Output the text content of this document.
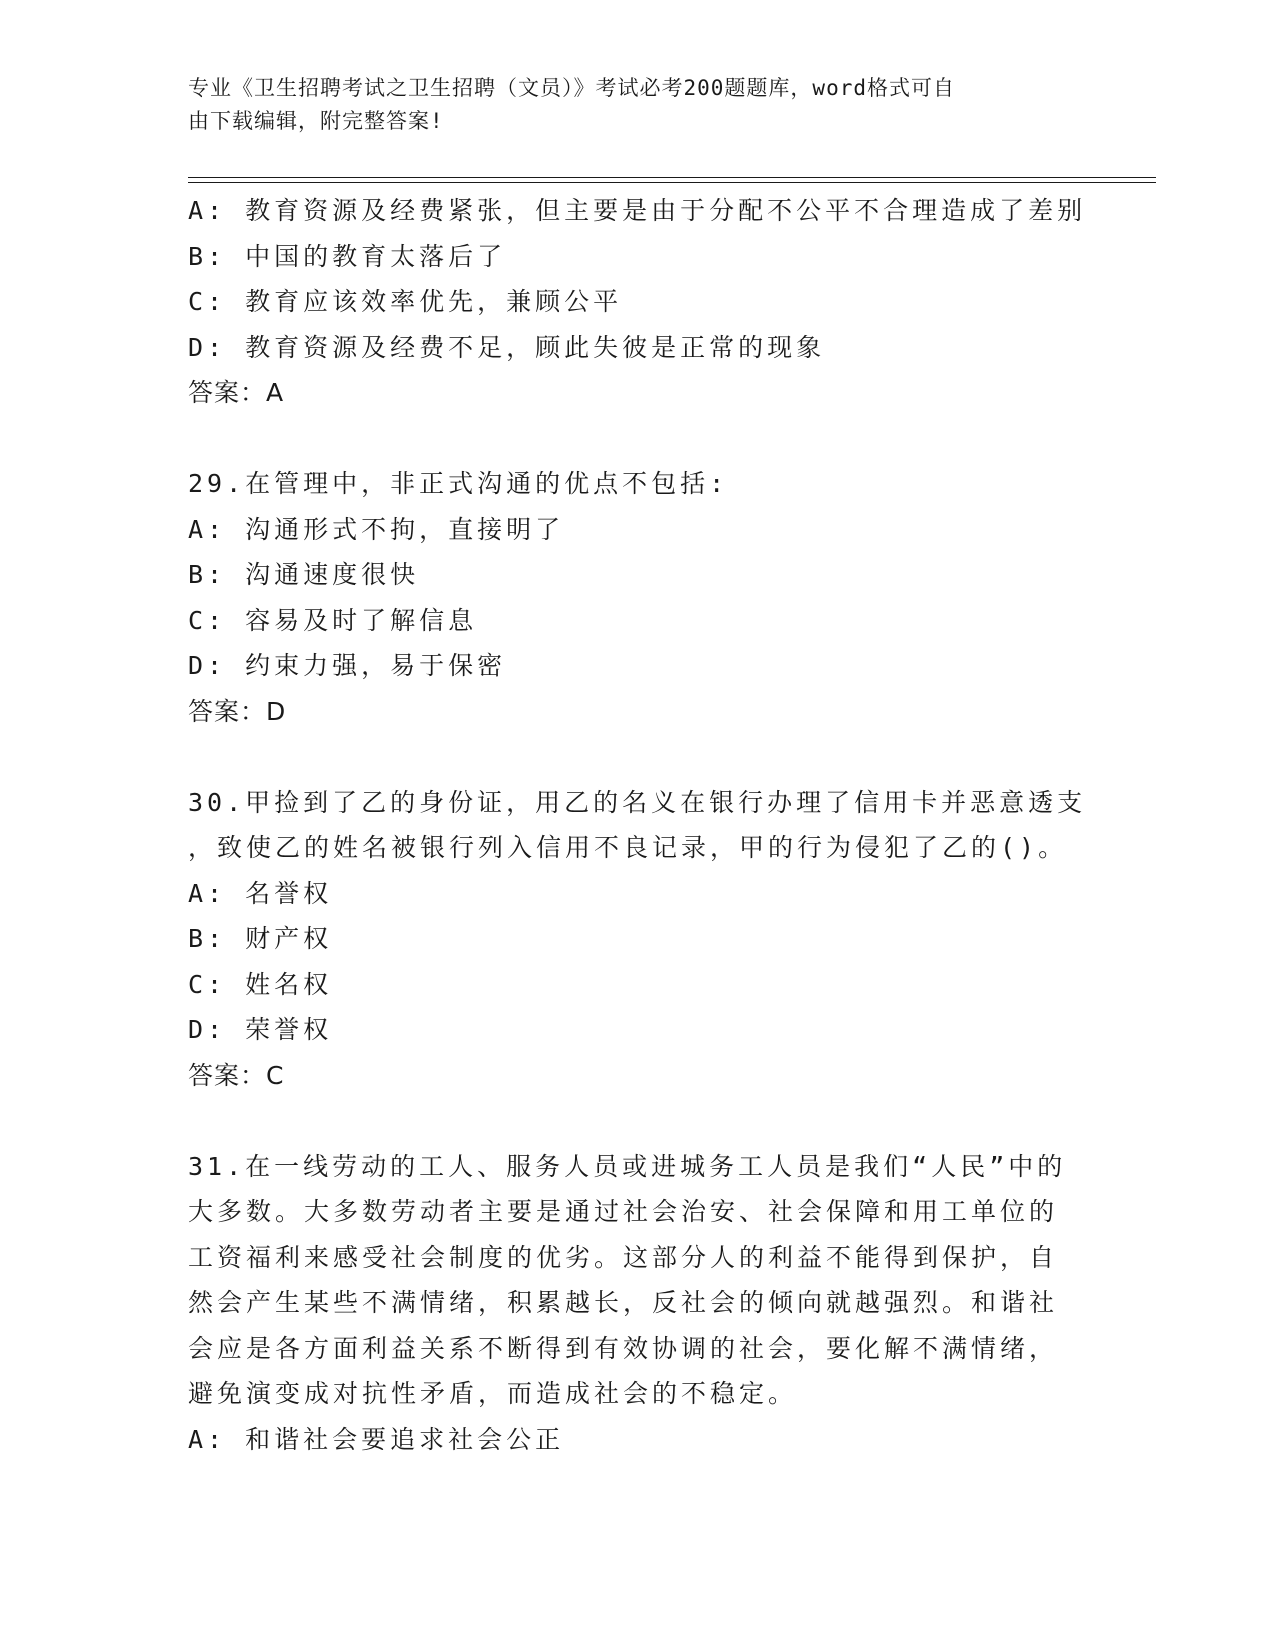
专业《卫生招聘考试之卫生招聘（文员）》考试必考200题题库，word格式可自
由下载编辑，附完整答案!
A: 教育资源及经费紧张，但主要是由于分配不公平不合理造成了差别
B: 中国的教育太落后了
C: 教育应该效率优先，兼顾公平
D: 教育资源及经费不足，顾此失彼是正常的现象
答案：A
29.在管理中，非正式沟通的优点不包括:
A: 沟通形式不拘，直接明了
B: 沟通速度很快
C: 容易及时了解信息
D: 约束力强，易于保密
答案：D
30.甲捡到了乙的身份证，用乙的名义在银行办理了信用卡并恶意透支
，致使乙的姓名被银行列入信用不良记录，甲的行为侵犯了乙的()。
A: 名誉权
B: 财产权
C: 姓名权
D: 荣誉权
答案：C
31.在一线劳动的工人、服务人员或进城务工人员是我们“人民”中的
大多数。大多数劳动者主要是通过社会治安、社会保障和用工单位的
工资福利来感受社会制度的优劣。这部分人的利益不能得到保护，自
然会产生某些不满情绪，积累越长，反社会的倾向就越强烈。和谐社
会应是各方面利益关系不断得到有效协调的社会，要化解不满情绪，
避免演变成对抗性矛盾，而造成社会的不稳定。
A: 和谐社会要追求社会公正
